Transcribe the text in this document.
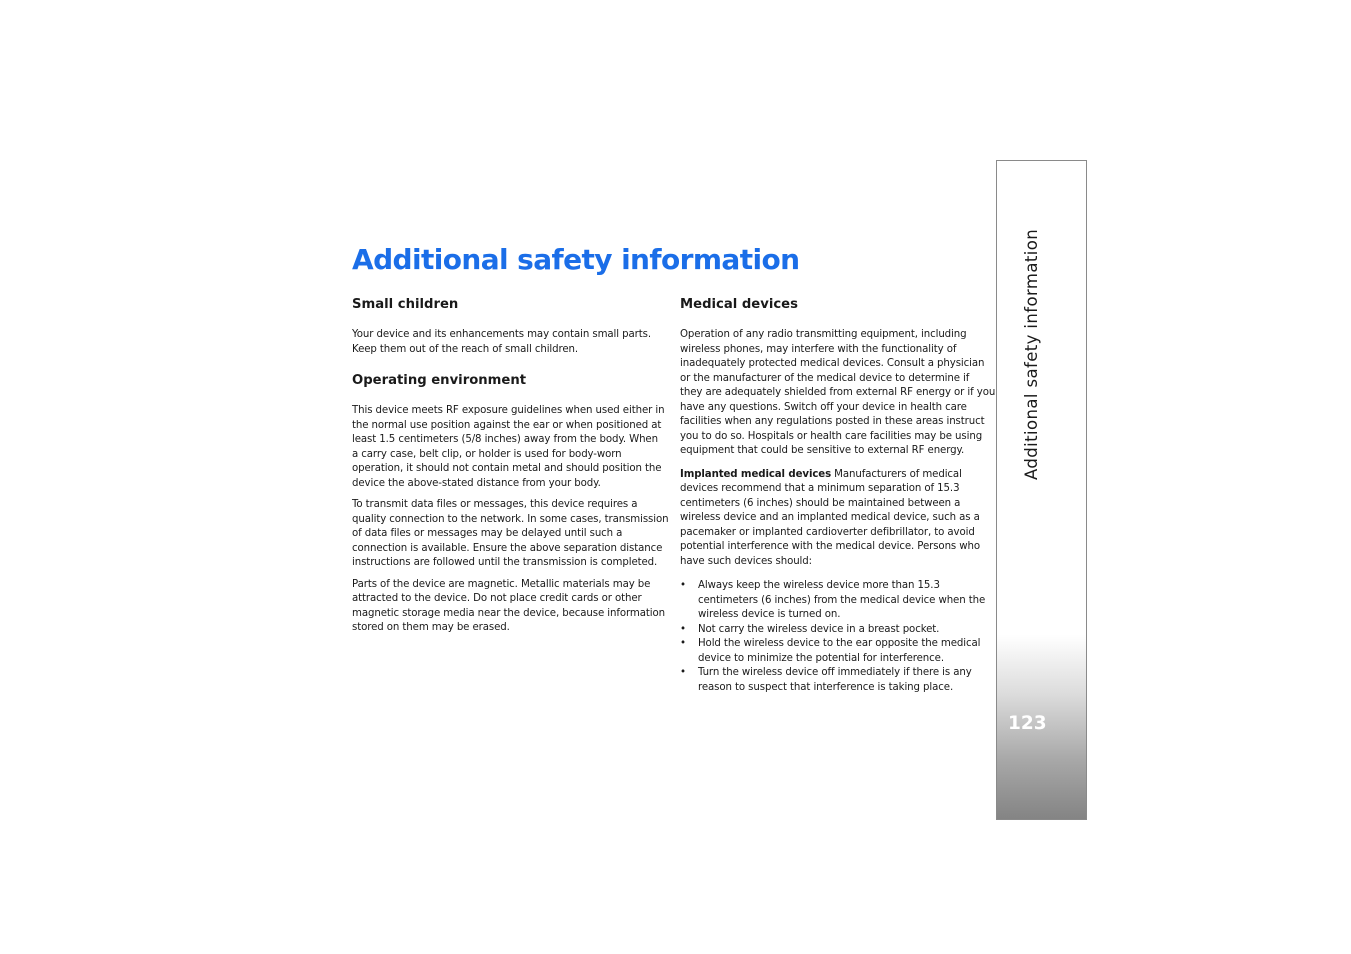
Additional safety information
Small children

Your device and its enhancements may contain small parts.
Keep them out of the reach of small children.

Operating environment

This device meets RF exposure guidelines when used either in
the normal use position against the ear or when positioned at
least 1.5 centimeters (5/8 inches) away from the body. When
a carry case, belt clip, or holder is used for body-worn
operation, it should not contain metal and should position the
device the above-stated distance from your body.

To transmit data files or messages, this device requires a
quality connection to the network. In some cases, transmission
of data files or messages may be delayed until such a
connection is available. Ensure the above separation distance
instructions are followed until the transmission is completed.

Parts of the device are magnetic. Metallic materials may be
attracted to the device. Do not place credit cards or other
magnetic storage media near the device, because information
stored on them may be erased.

Medical devices

Operation of any radio transmitting equipment, including
wireless phones, may interfere with the functionality of
inadequately protected medical devices. Consult a physician
or the manufacturer of the medical device to determine if
they are adequately shielded from external RF energy or if you
have any questions. Switch off your device in health care
facilities when any regulations posted in these areas instruct
you to do so. Hospitals or health care facilities may be using
equipment that could be sensitive to external RF energy.

Implanted medical devices Manufacturers of medical
devices recommend that a minimum separation of 15.3
centimeters (6 inches) should be maintained between a
wireless device and an implanted medical device, such as a
pacemaker or implanted cardioverter defibrillator, to avoid
potential interference with the medical device. Persons who
have such devices should:

• Always keep the wireless device more than 15.3
centimeters (6 inches) from the medical device when the
wireless device is turned on.
• Not carry the wireless device in a breast pocket.
• Hold the wireless device to the ear opposite the medical
device to minimize the potential for interference.
• Turn the wireless device off immediately if there is any
reason to suspect that interference is taking place.
Additional safety information
123
